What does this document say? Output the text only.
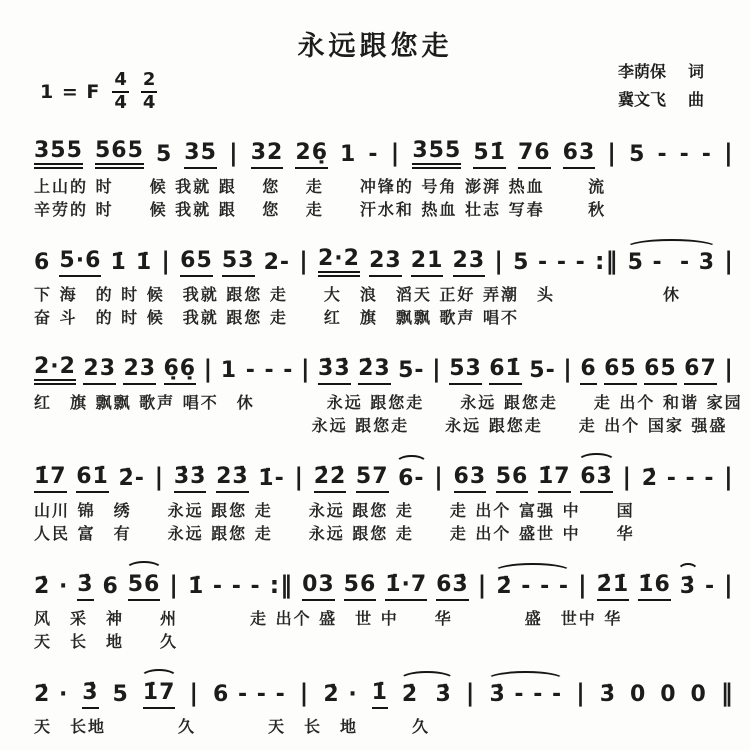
永远跟您走
李荫保 词
冀文飞 曲
1 = F $\frac{4}{4} \frac{2}{4}$
355 565 5 35 | 32 26̣ 1 - | 355 51̇ 76 63 | 5 - - - |
上山的 时　　候 我就 跟　 您　 走　　冲锋的 号角 澎湃 热血　　 流
辛劳的 时　　候 我就 跟　 您　 走　　汗水和 热血 壮志 写春　　 秋
6 5·6 1̇ 1̇ | 65 53 2- | 2·2 23 21 23 | 5 - - - :‖ 5 -  - 3 |
下 海　的 时 候　我就 跟您 走　　大　浪　滔天 正好 弄潮　头　　　　　　休
奋 斗　的 时 候　我就 跟您 走　　红　旗　飘飘 歌声 唱不
2·2 23 23 6̣6̣ | 1 - - - | 3̇3̇ 2̇3 5- | 53 61̇ 5- | 6 65 65 67 |
红　旗 飘飘 歌声 唱不　休　　　　永远 跟您走　　永远 跟您走　　走 出个 和谐 家园
　　　　　　　　　　　　　　　 永远 跟您走　　永远 跟您走　　走 出个 国家 强盛
1̇7 61̇ 2̇- | 3̇3̇ 23̇ 1̇- | 2̇2̇ 57 6- | 63 56 1̇7 63̇ | 2̇ - - - |
山川 锦　绣　　永远 跟您 走　　永远 跟您 走　　走 出个 富强 中　　国
人民 富　有　　永远 跟您 走　　永远 跟您 走　　走 出个 盛世 中　　华
2̇ · 3̇ 6 56 | 1̇ - - - :‖ 03 56 1̇·7 63̇ | 2̇ - - - | 2̇1̇ 1̇6 3̇ - |
风　采　神　　州　　　　走 出个 盛　世 中　　华　　　　盛　世中 华
天　长　地　　久
2̇ · 3̇ 5 1̇7 | 6 - - - | 2̇ · 1̇ 2̇  3̇ | 3̇ - - - | 3̇ 0 0 0 ‖
天　长地　　　　久　　　　天　长　地　　　久
